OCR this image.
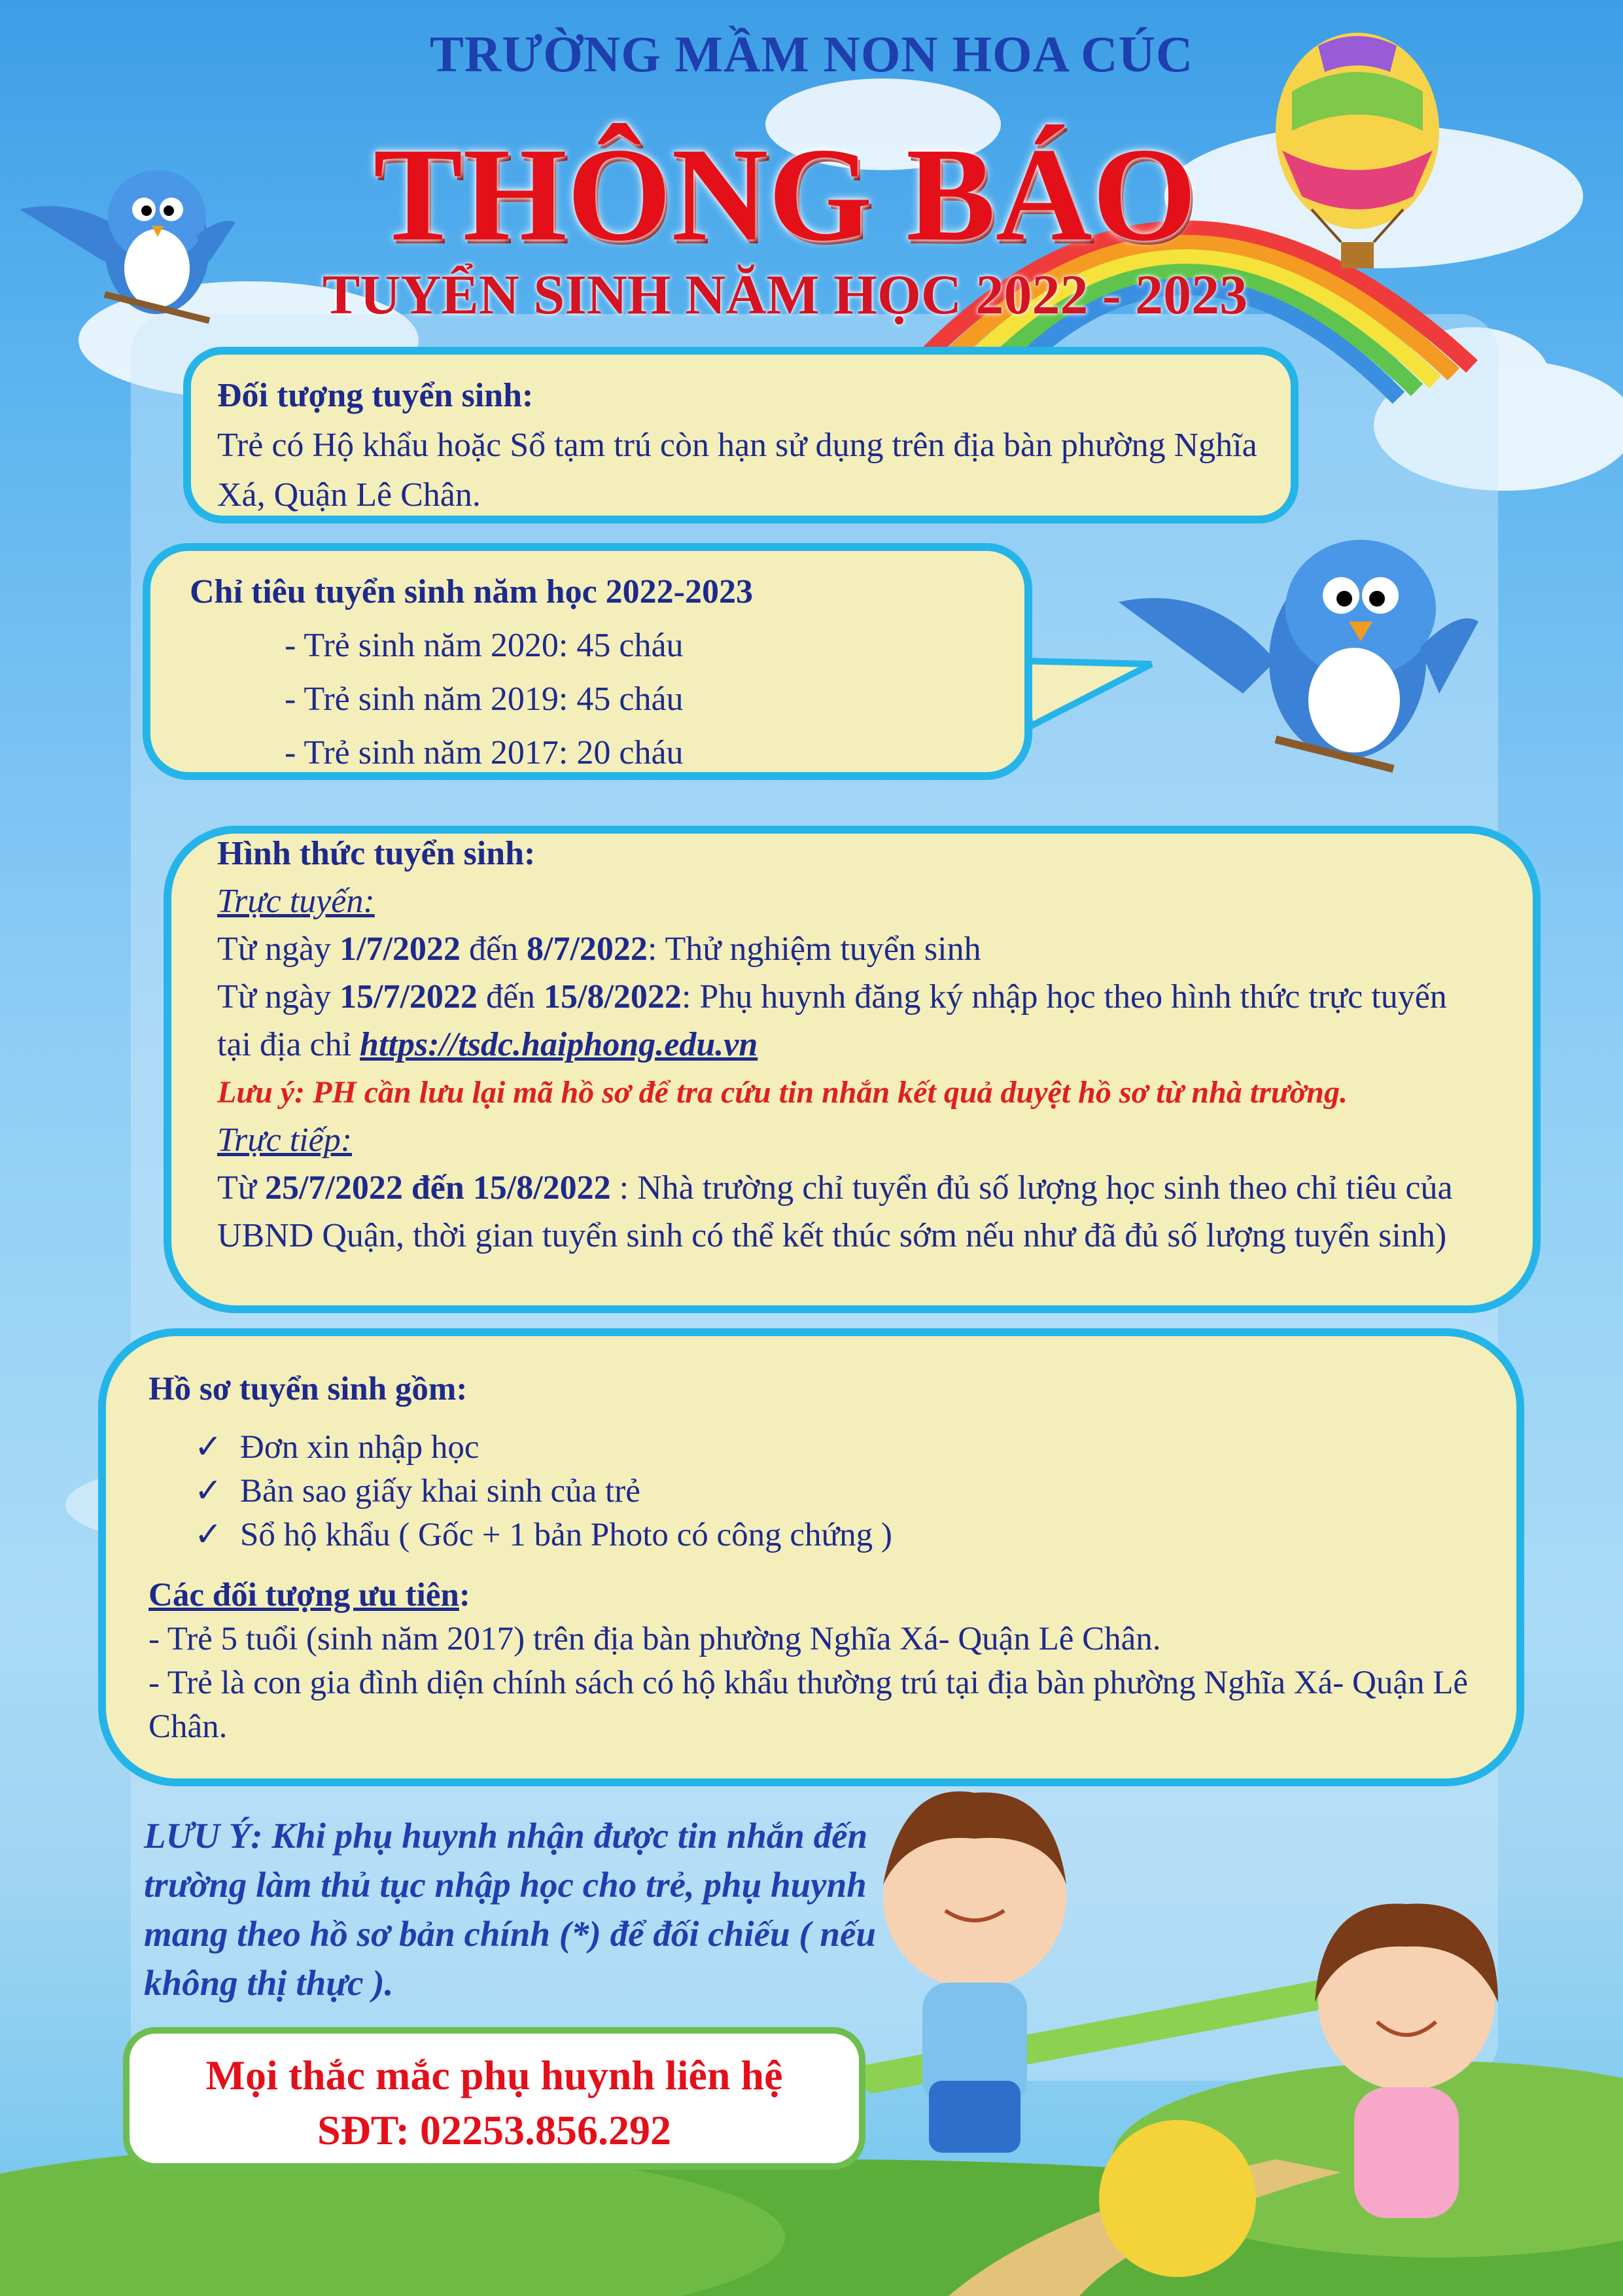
TRƯỜNG MẦM NON HOA CÚC
THÔNG BÁO
TUYỂN SINH NĂM HỌC 2022 - 2023
Đối tượng tuyển sinh:
Trẻ có Hộ khẩu hoặc Sổ tạm trú còn hạn sử dụng trên địa bàn phường Nghĩa Xá, Quận Lê Chân.
Chỉ tiêu tuyển sinh năm học 2022-2023
- Trẻ sinh năm 2020: 45 cháu
- Trẻ sinh năm 2019: 45 cháu
- Trẻ sinh năm 2017: 20 cháu
Hình thức tuyển sinh:
Trực tuyến:
Từ ngày 1/7/2022 đến 8/7/2022: Thử nghiệm tuyển sinh
Từ ngày 15/7/2022 đến 15/8/2022: Phụ huynh đăng ký nhập học theo hình thức trực tuyến tại địa chỉ https://tsdc.haiphong.edu.vn
Lưu ý: PH cần lưu lại mã hồ sơ để tra cứu tin nhắn kết quả duyệt hồ sơ từ nhà trường.
Trực tiếp:
Từ 25/7/2022 đến 15/8/2022 : Nhà trường chỉ tuyển đủ số lượng học sinh theo chỉ tiêu của UBND Quận, thời gian tuyển sinh có thể kết thúc sớm nếu như đã đủ số lượng tuyển sinh)
Hồ sơ tuyển sinh gồm:
✓ Đơn xin nhập học
✓ Bản sao giấy khai sinh của trẻ
✓ Sổ hộ khẩu ( Gốc + 1 bản Photo có công chứng )
Các đối tượng ưu tiên:
- Trẻ 5 tuổi (sinh năm 2017) trên địa bàn phường Nghĩa Xá- Quận Lê Chân.
- Trẻ là con gia đình diện chính sách có hộ khẩu thường trú tại địa bàn phường Nghĩa Xá- Quận Lê Chân.
LƯU Ý: Khi phụ huynh nhận được tin nhắn đến trường làm thủ tục nhập học cho trẻ, phụ huynh mang theo hồ sơ bản chính (*) để đối chiếu ( nếu không thị thực ).
Mọi thắc mắc phụ huynh liên hệ
SĐT: 02253.856.292
